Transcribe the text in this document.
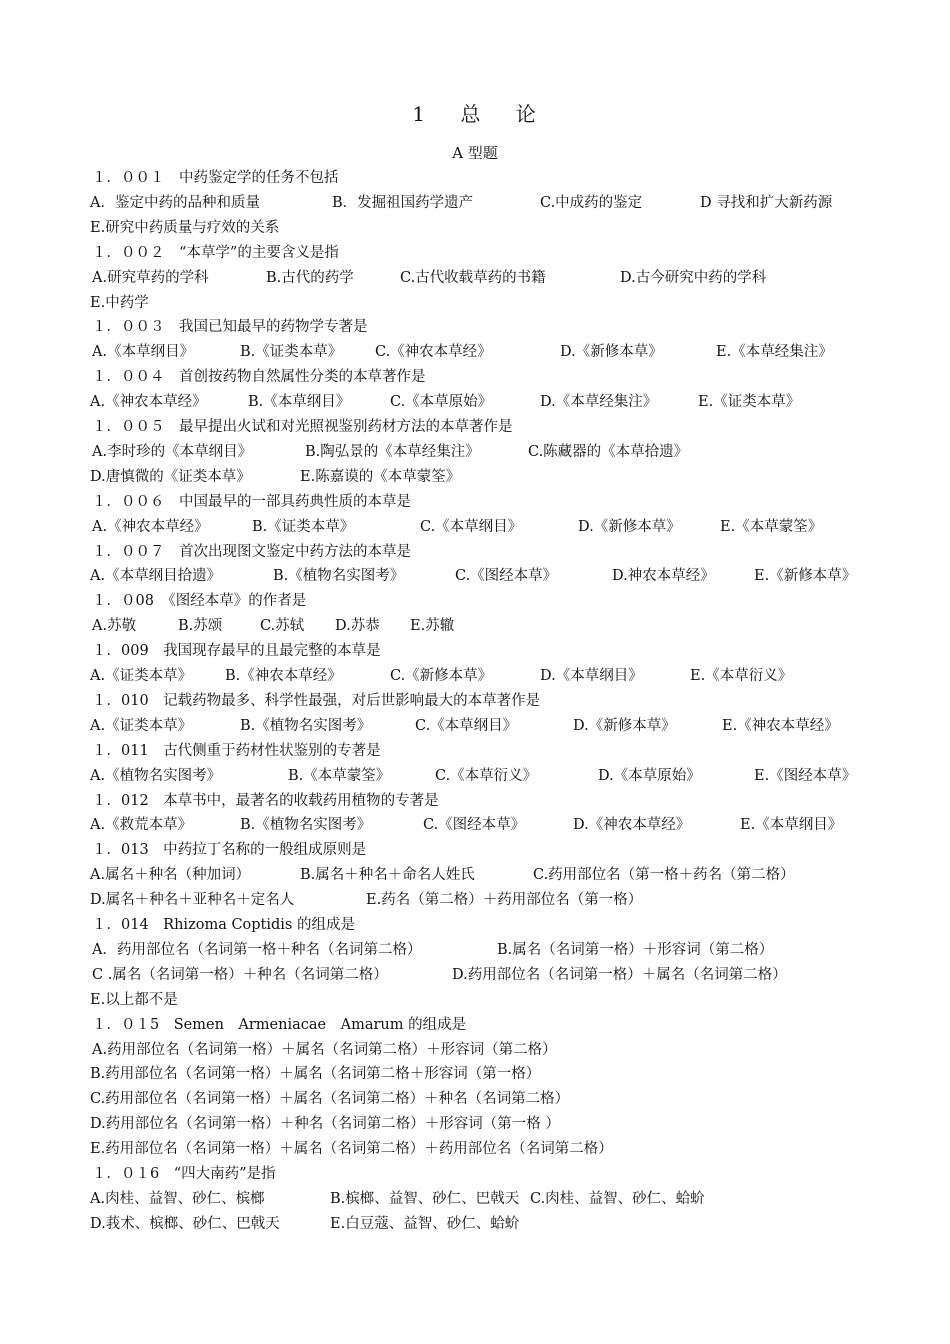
1    总    论
A 型题
１．００１　中药鉴定学的任务不包括
A．鉴定中药的品种和质量	B．发掘祖国药学遗产	C.中成药的鉴定	D 寻找和扩大新药源
E.研究中药质量与疗效的关系
１．００２　“本草学”的主要含义是指
A.研究草药的学科	B.古代的药学	C.古代收载草药的书籍	D.古今研究中药的学科
E.中药学
１．００３　我国已知最早的药物学专著是
A.《本草纲目》	B.《证类本草》 C.《神农本草经》	D.《新修本草》	E.《本草经集注》
１．００４　首创按药物自然属性分类的本草著作是
A.《神农本草经》	B.《本草纲目》	C.《本草原始》	D.《本草经集注》	E.《证类本草》
１．００５　最早提出火试和对光照视鉴别药材方法的本草著作是
A.李时珍的《本草纲目》	B.陶弘景的《本草经集注》	C.陈藏器的《本草拾遗》
D.唐慎微的《证类本草》	E.陈嘉谟的《本草蒙筌》
１．００６　中国最早的一部具药典性质的本草是
A.《神农本草经》	B.《证类本草》	C.《本草纲目》	D.《新修本草》	E.《本草蒙筌》
１．００７　首次出现图文鉴定中药方法的本草是
A.《本草纲目拾遗》	B.《植物名实图考》	C.《图经本草》	D.神农本草经》	E.《新修本草》
１．０08　《图经本草》的作者是
A.苏敬	B.苏颂	C.苏轼 D.苏恭 E.苏辙
１．009　我国现存最早的且最完整的本草是
A.《证类本草》 B.《神农本草经》	C.《新修本草》	D.《本草纲目》	E.《本草衍义》
１．010　记载药物最多、科学性最强，对后世影响最大的本草著作是
A.《证类本草》	B.《植物名实图考》	C.《本草纲目》	D.《新修本草》	E.《神农本草经》
１．011　古代侧重于药材性状鉴别的专著是
A.《植物名实图考》	B.《本草蒙筌》	C.《本草衍义》	D.《本草原始》	E.《图经本草》
１．012　本草书中，最著名的收载药用植物的专著是
A.《救荒本草》	B.《植物名实图考》	C.《图经本草》	D.《神农本草经》	E.《本草纲目》
１．013　中药拉丁名称的一般组成原则是
A.属名＋种名（种加词）	B.属名＋种名＋命名人姓氏	C.药用部位名（第一格＋药名（第二格）
D.属名＋种名＋亚种名＋定名人	E.药名（第二格）＋药用部位名（第一格）
１．014　Rhizoma Coptidis 的组成是
A．药用部位名（名词第一格＋种名（名词第二格）	B.属名（名词第一格）＋形容词（第二格）
C .属名（名词第一格）＋种名（名词第二格）	D.药用部位名（名词第一格）＋属名（名词第二格）
E.以上都不是
１．０１5　Semen　Armeniacae　Amarum 的组成是
A.药用部位名（名词第一格）＋属名（名词第二格）＋形容词（第二格）
B.药用部位名（名词第一格）＋属名（名词第二格＋形容词（第一格）
C.药用部位名（名词第一格）＋属名（名词第二格）＋种名（名词第二格）
D.药用部位名（名词第一格）＋种名（名词第二格）＋形容词（第一格 ）
E.药用部位名（名词第一格）＋属名（名词第二格）＋药用部位名（名词第二格）
１．０１6　“四大南药”是指
A.肉桂、益智、砂仁、槟榔	B.槟榔、益智、砂仁、巴戟天 C.肉桂、益智、砂仁、蛤蚧
D.莪术、槟榔、砂仁、巴戟天	E.白豆蔻、益智、砂仁、蛤蚧
